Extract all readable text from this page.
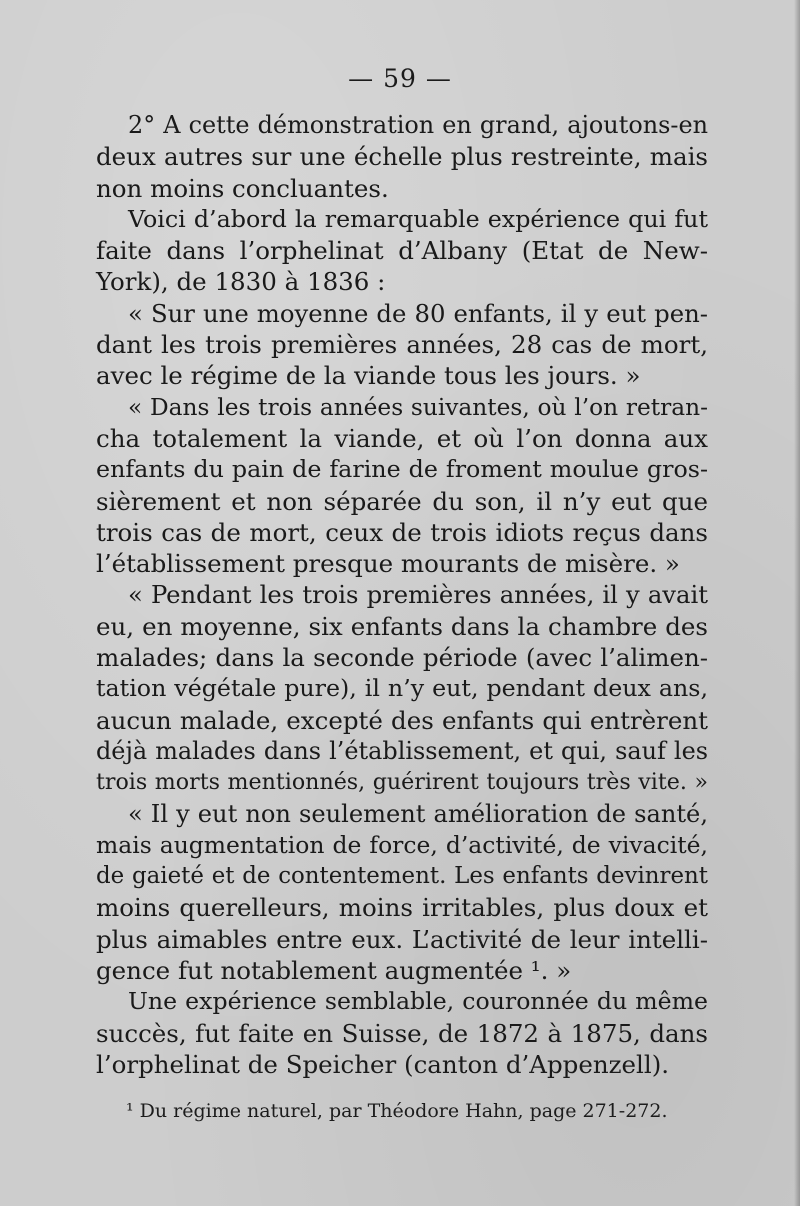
— 59 —
2° A cette démonstration en grand, ajoutons-en
deux autres sur une échelle plus restreinte, mais
non moins concluantes.
Voici d’abord la remarquable expérience qui fut
faite dans l’orphelinat d’Albany (Etat de New-
York), de 1830 à 1836 :
« Sur une moyenne de 80 enfants, il y eut pen-
dant les trois premières années, 28 cas de mort,
avec le régime de la viande tous les jours. »
« Dans les trois années suivantes, où l’on retran-
cha totalement la viande, et où l’on donna aux
enfants du pain de farine de froment moulue gros-
sièrement et non séparée du son, il n’y eut que
trois cas de mort, ceux de trois idiots reçus dans
l’établissement presque mourants de misère. »
« Pendant les trois premières années, il y avait
eu, en moyenne, six enfants dans la chambre des
malades; dans la seconde période (avec l’alimen-
tation végétale pure), il n’y eut, pendant deux ans,
aucun malade, excepté des enfants qui entrèrent
déjà malades dans l’établissement, et qui, sauf les
trois morts mentionnés, guérirent toujours très vite. »
« Il y eut non seulement amélioration de santé,
mais augmentation de force, d’activité, de vivacité,
de gaieté et de contentement. Les enfants devinrent
moins querelleurs, moins irritables, plus doux et
plus aimables entre eux. L’activité de leur intelli-
gence fut notablement augmentée ¹. »
Une expérience semblable, couronnée du même
succès, fut faite en Suisse, de 1872 à 1875, dans
l’orphelinat de Speicher (canton d’Appenzell).
¹ Du régime naturel, par Théodore Hahn, page 271-272.
